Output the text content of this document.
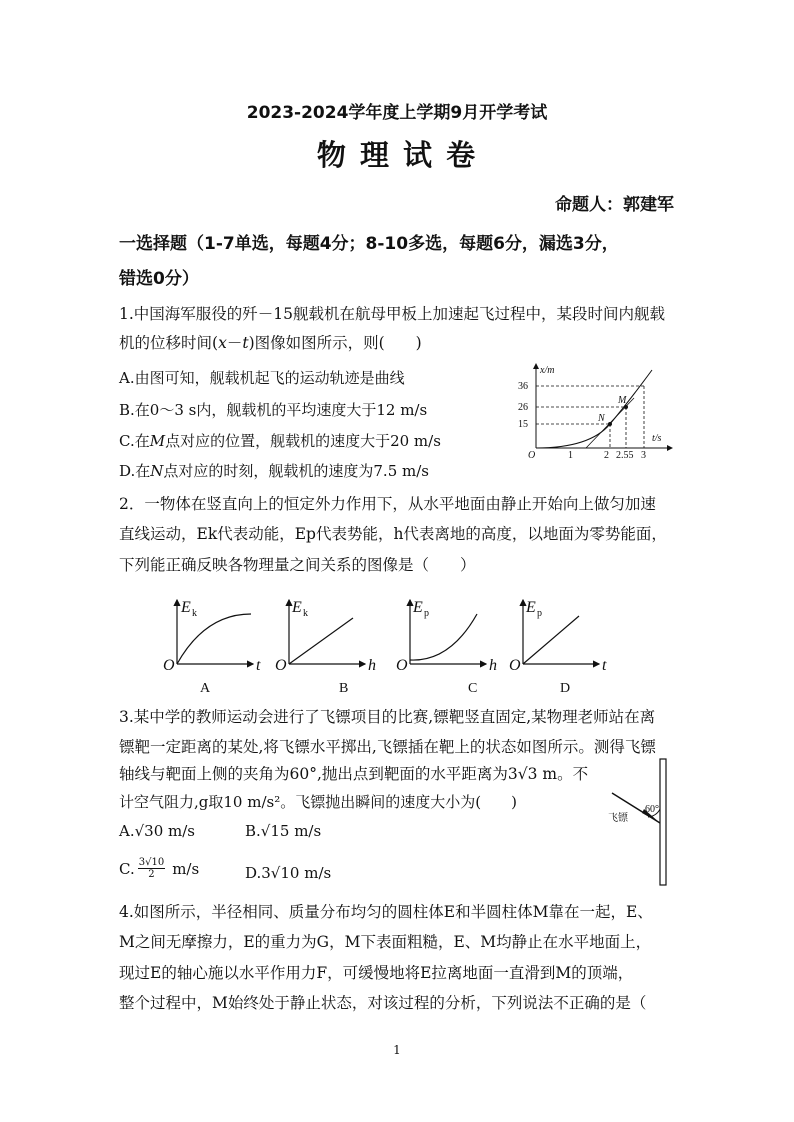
2023-2024学年度上学期9月开学考试
物 理 试 卷
命题人：郭建军
一选择题（1-7单选，每题4分；8-10多选，每题6分，漏选3分，
错选0分）
1.中国海军服役的歼－15舰载机在航母甲板上加速起飞过程中，某段时间内舰载
机的位移时间(x－t)图像如图所示，则(　　)
A.由图可知，舰载机起飞的运动轨迹是曲线
B.在0～3 s内，舰载机的平均速度大于12 m/s
C.在M点对应的位置，舰载机的速度大于20 m/s
D.在N点对应的时刻，舰载机的速度为7.5 m/s
x/m
t/s
N
M
36
26
15
O	1	2 2.55 3
2．一物体在竖直向上的恒定外力作用下，从水平地面由静止开始向上做匀加速
直线运动，Ek代表动能，Ep代表势能，h代表离地的高度，以地面为零势能面，
下列能正确反映各物理量之间关系的图像是（　　）
E k
O	t
A
E k
O	h
B
E p
O	h
C
E p
O	t
D
3.某中学的教师运动会进行了飞镖项目的比赛,镖靶竖直固定,某物理老师站在离
镖靶一定距离的某处,将飞镖水平掷出,飞镖插在靶上的状态如图所示。测得飞镖
轴线与靶面上侧的夹角为60°,抛出点到靶面的水平距离为3√3 m。不
计空气阻力,g取10 m/s²。飞镖抛出瞬间的速度大小为(　　)
A.√30 m/s	B.√15 m/s
C. 3√10
2 m/s	D.3√10 m/s
60°
飞镖
4.如图所示，半径相同、质量分布均匀的圆柱体E和半圆柱体M靠在一起，E、
M之间无摩擦力，E的重力为G，M下表面粗糙，E、M均静止在水平地面上，
现过E的轴心施以水平作用力F，可缓慢地将E拉离地面一直滑到M的顶端，
整个过程中，M始终处于静止状态，对该过程的分析，下列说法不正确的是（
1
